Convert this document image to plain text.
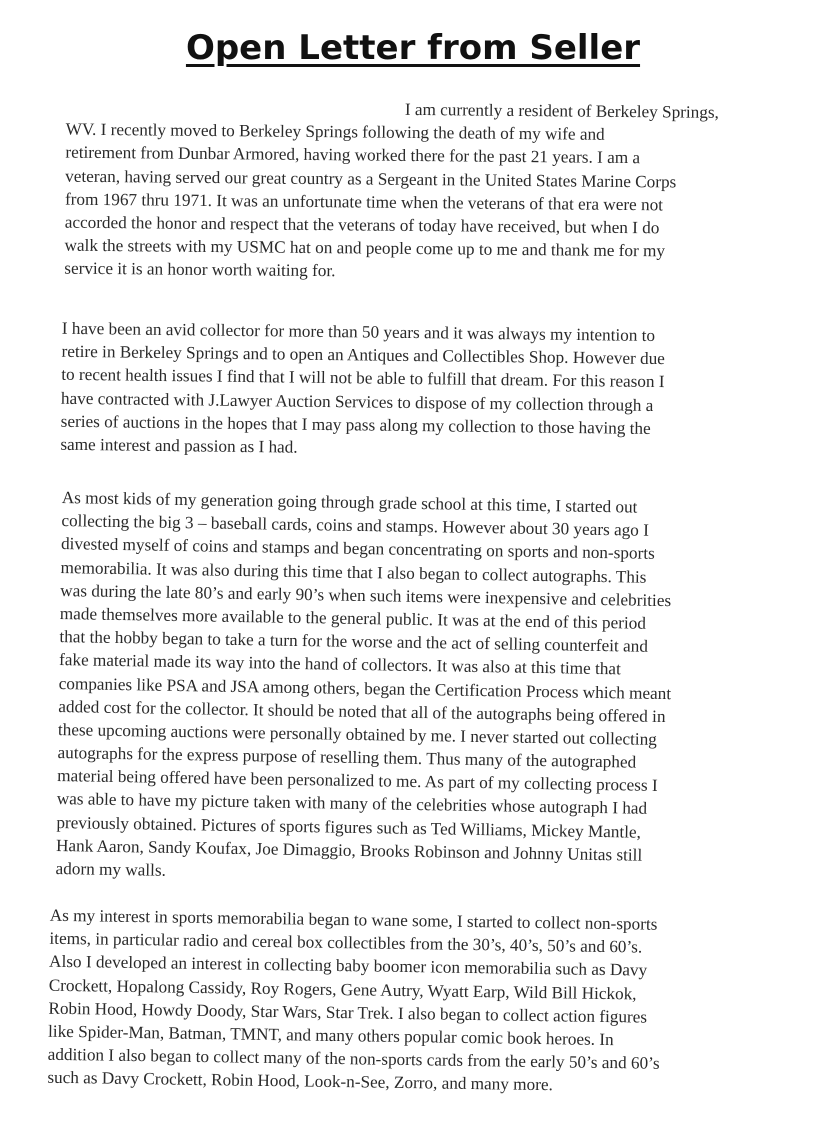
Open Letter from Seller
I am currently a resident of Berkeley Springs,
WV. I recently moved to Berkeley Springs following the death of my wife and
retirement from Dunbar Armored, having worked there for the past 21 years. I am a
veteran, having served our great country as a Sergeant in the United States Marine Corps
from 1967 thru 1971. It was an unfortunate time when the veterans of that era were not
accorded the honor and respect that the veterans of today have received, but when I do
walk the streets with my USMC hat on and people come up to me and thank me for my
service it is an honor worth waiting for.
I have been an avid collector for more than 50 years and it was always my intention to
retire in Berkeley Springs and to open an Antiques and Collectibles Shop. However due
to recent health issues I find that I will not be able to fulfill that dream. For this reason I
have contracted with J.Lawyer Auction Services to dispose of my collection through a
series of auctions in the hopes that I may pass along my collection to those having the
same interest and passion as I had.
As most kids of my generation going through grade school at this time, I started out
collecting the big 3 – baseball cards, coins and stamps. However about 30 years ago I
divested myself of coins and stamps and began concentrating on sports and non-sports
memorabilia. It was also during this time that I also began to collect autographs. This
was during the late 80’s and early 90’s when such items were inexpensive and celebrities
made themselves more available to the general public. It was at the end of this period
that the hobby began to take a turn for the worse and the act of selling counterfeit and
fake material made its way into the hand of collectors. It was also at this time that
companies like PSA and JSA among others, began the Certification Process which meant
added cost for the collector. It should be noted that all of the autographs being offered in
these upcoming auctions were personally obtained by me. I never started out collecting
autographs for the express purpose of reselling them. Thus many of the autographed
material being offered have been personalized to me. As part of my collecting process I
was able to have my picture taken with many of the celebrities whose autograph I had
previously obtained. Pictures of sports figures such as Ted Williams, Mickey Mantle,
Hank Aaron, Sandy Koufax, Joe Dimaggio, Brooks Robinson and Johnny Unitas still
adorn my walls.
As my interest in sports memorabilia began to wane some, I started to collect non-sports
items, in particular radio and cereal box collectibles from the 30’s, 40’s, 50’s and 60’s.
Also I developed an interest in collecting baby boomer icon memorabilia such as Davy
Crockett, Hopalong Cassidy, Roy Rogers, Gene Autry, Wyatt Earp, Wild Bill Hickok,
Robin Hood, Howdy Doody, Star Wars, Star Trek. I also began to collect action figures
like Spider-Man, Batman, TMNT, and many others popular comic book heroes. In
addition I also began to collect many of the non-sports cards from the early 50’s and 60’s
such as Davy Crockett, Robin Hood, Look-n-See, Zorro, and many more.
